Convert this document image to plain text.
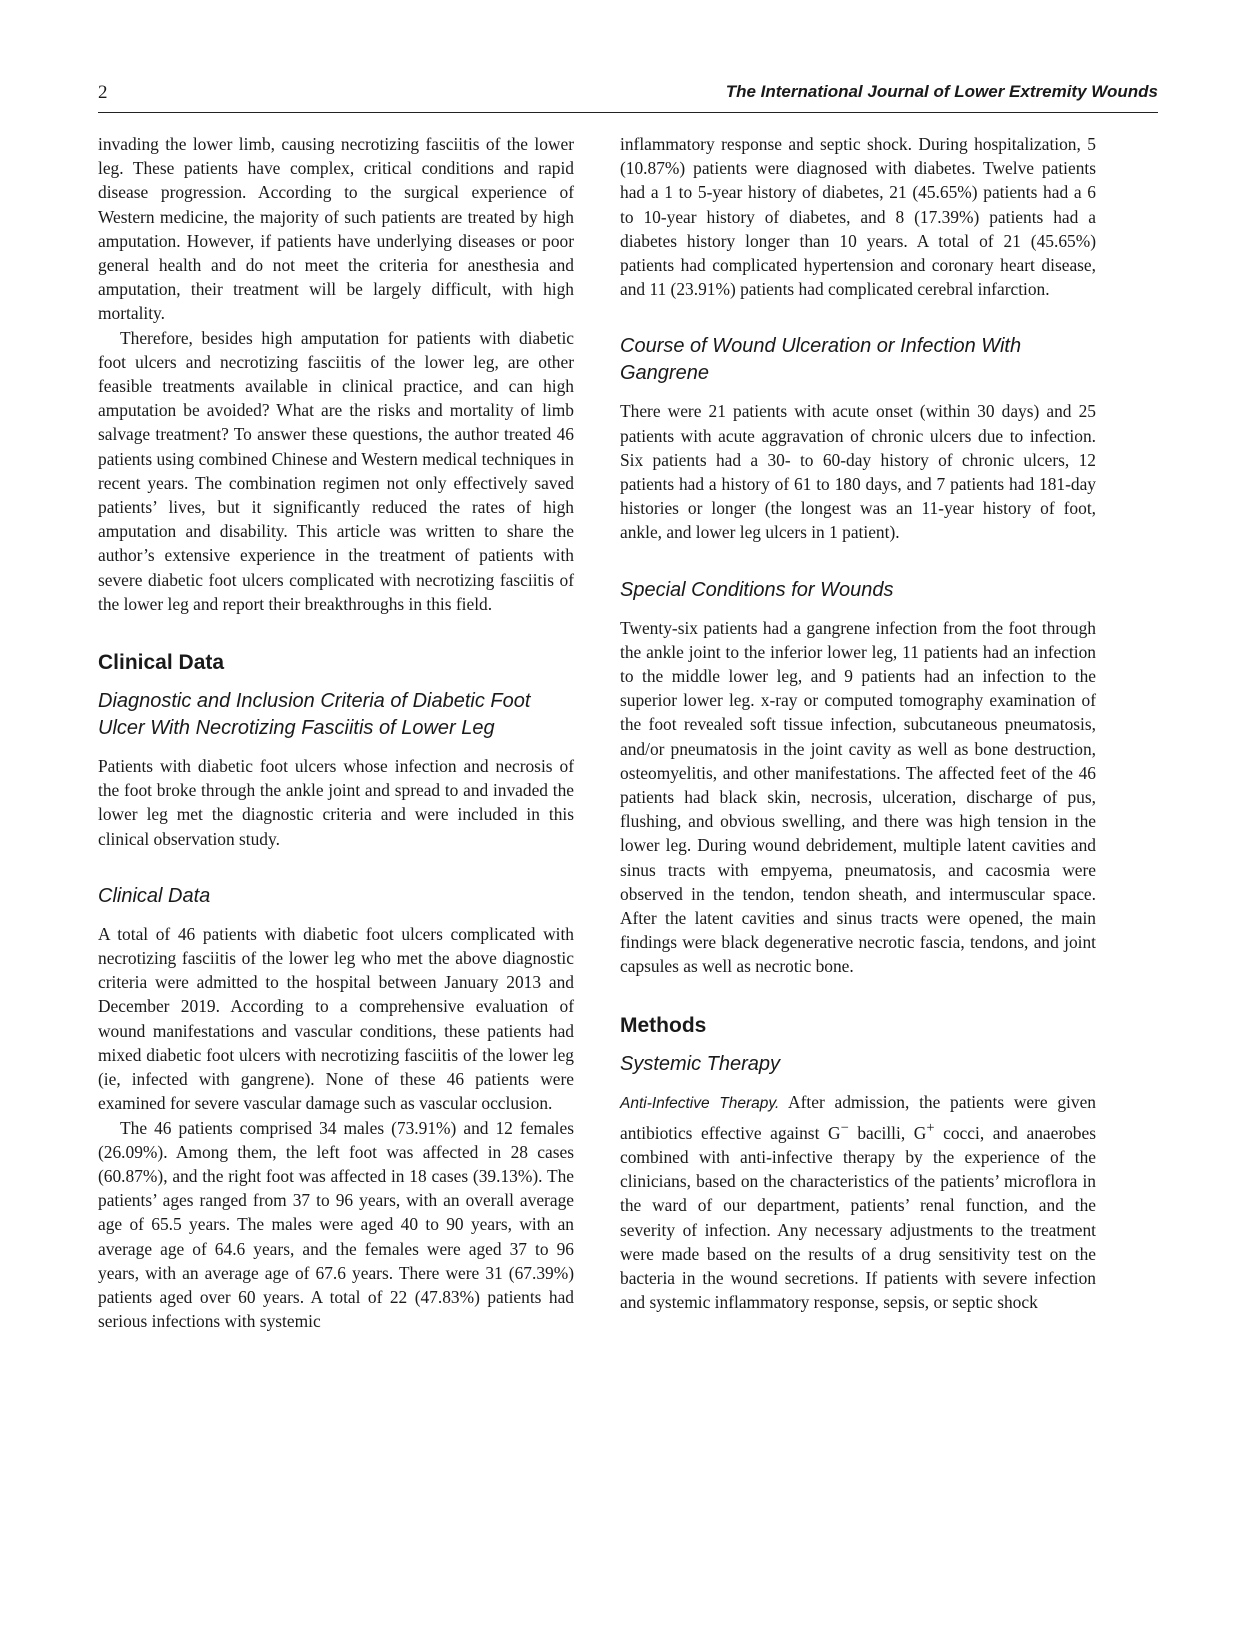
2	The International Journal of Lower Extremity Wounds

invading the lower limb, causing necrotizing fasciitis of the lower leg. These patients have complex, critical conditions and rapid disease progression. According to the surgical experience of Western medicine, the majority of such patients are treated by high amputation. However, if patients have underlying diseases or poor general health and do not meet the criteria for anesthesia and amputation, their treatment will be largely difficult, with high mortality.

Therefore, besides high amputation for patients with diabetic foot ulcers and necrotizing fasciitis of the lower leg, are other feasible treatments available in clinical practice, and can high amputation be avoided? What are the risks and mortality of limb salvage treatment? To answer these questions, the author treated 46 patients using combined Chinese and Western medical techniques in recent years. The combination regimen not only effectively saved patients’ lives, but it significantly reduced the rates of high amputation and disability. This article was written to share the author’s extensive experience in the treatment of patients with severe diabetic foot ulcers complicated with necrotizing fasciitis of the lower leg and report their breakthroughs in this field.

Clinical Data
Diagnostic and Inclusion Criteria of Diabetic Foot Ulcer With Necrotizing Fasciitis of Lower Leg

Patients with diabetic foot ulcers whose infection and necrosis of the foot broke through the ankle joint and spread to and invaded the lower leg met the diagnostic criteria and were included in this clinical observation study.

Clinical Data

A total of 46 patients with diabetic foot ulcers complicated with necrotizing fasciitis of the lower leg who met the above diagnostic criteria were admitted to the hospital between January 2013 and December 2019. According to a comprehensive evaluation of wound manifestations and vascular conditions, these patients had mixed diabetic foot ulcers with necrotizing fasciitis of the lower leg (ie, infected with gangrene). None of these 46 patients were examined for severe vascular damage such as vascular occlusion.

The 46 patients comprised 34 males (73.91%) and 12 females (26.09%). Among them, the left foot was affected in 28 cases (60.87%), and the right foot was affected in 18 cases (39.13%). The patients’ ages ranged from 37 to 96 years, with an overall average age of 65.5 years. The males were aged 40 to 90 years, with an average age of 64.6 years, and the females were aged 37 to 96 years, with an average age of 67.6 years. There were 31 (67.39%) patients aged over 60 years. A total of 22 (47.83%) patients had serious infections with systemic

inflammatory response and septic shock. During hospitalization, 5 (10.87%) patients were diagnosed with diabetes. Twelve patients had a 1 to 5-year history of diabetes, 21 (45.65%) patients had a 6 to 10-year history of diabetes, and 8 (17.39%) patients had a diabetes history longer than 10 years. A total of 21 (45.65%) patients had complicated hypertension and coronary heart disease, and 11 (23.91%) patients had complicated cerebral infarction.

Course of Wound Ulceration or Infection With Gangrene

There were 21 patients with acute onset (within 30 days) and 25 patients with acute aggravation of chronic ulcers due to infection. Six patients had a 30- to 60-day history of chronic ulcers, 12 patients had a history of 61 to 180 days, and 7 patients had 181-day histories or longer (the longest was an 11-year history of foot, ankle, and lower leg ulcers in 1 patient).

Special Conditions for Wounds

Twenty-six patients had a gangrene infection from the foot through the ankle joint to the inferior lower leg, 11 patients had an infection to the middle lower leg, and 9 patients had an infection to the superior lower leg. x-ray or computed tomography examination of the foot revealed soft tissue infection, subcutaneous pneumatosis, and/or pneumatosis in the joint cavity as well as bone destruction, osteomyelitis, and other manifestations. The affected feet of the 46 patients had black skin, necrosis, ulceration, discharge of pus, flushing, and obvious swelling, and there was high tension in the lower leg. During wound debridement, multiple latent cavities and sinus tracts with empyema, pneumatosis, and cacosmia were observed in the tendon, tendon sheath, and intermuscular space. After the latent cavities and sinus tracts were opened, the main findings were black degenerative necrotic fascia, tendons, and joint capsules as well as necrotic bone.

Methods
Systemic Therapy

Anti-Infective Therapy. After admission, the patients were given antibiotics effective against G− bacilli, G+ cocci, and anaerobes combined with anti-infective therapy by the experience of the clinicians, based on the characteristics of the patients’ microflora in the ward of our department, patients’ renal function, and the severity of infection. Any necessary adjustments to the treatment were made based on the results of a drug sensitivity test on the bacteria in the wound secretions. If patients with severe infection and systemic inflammatory response, sepsis, or septic shock
